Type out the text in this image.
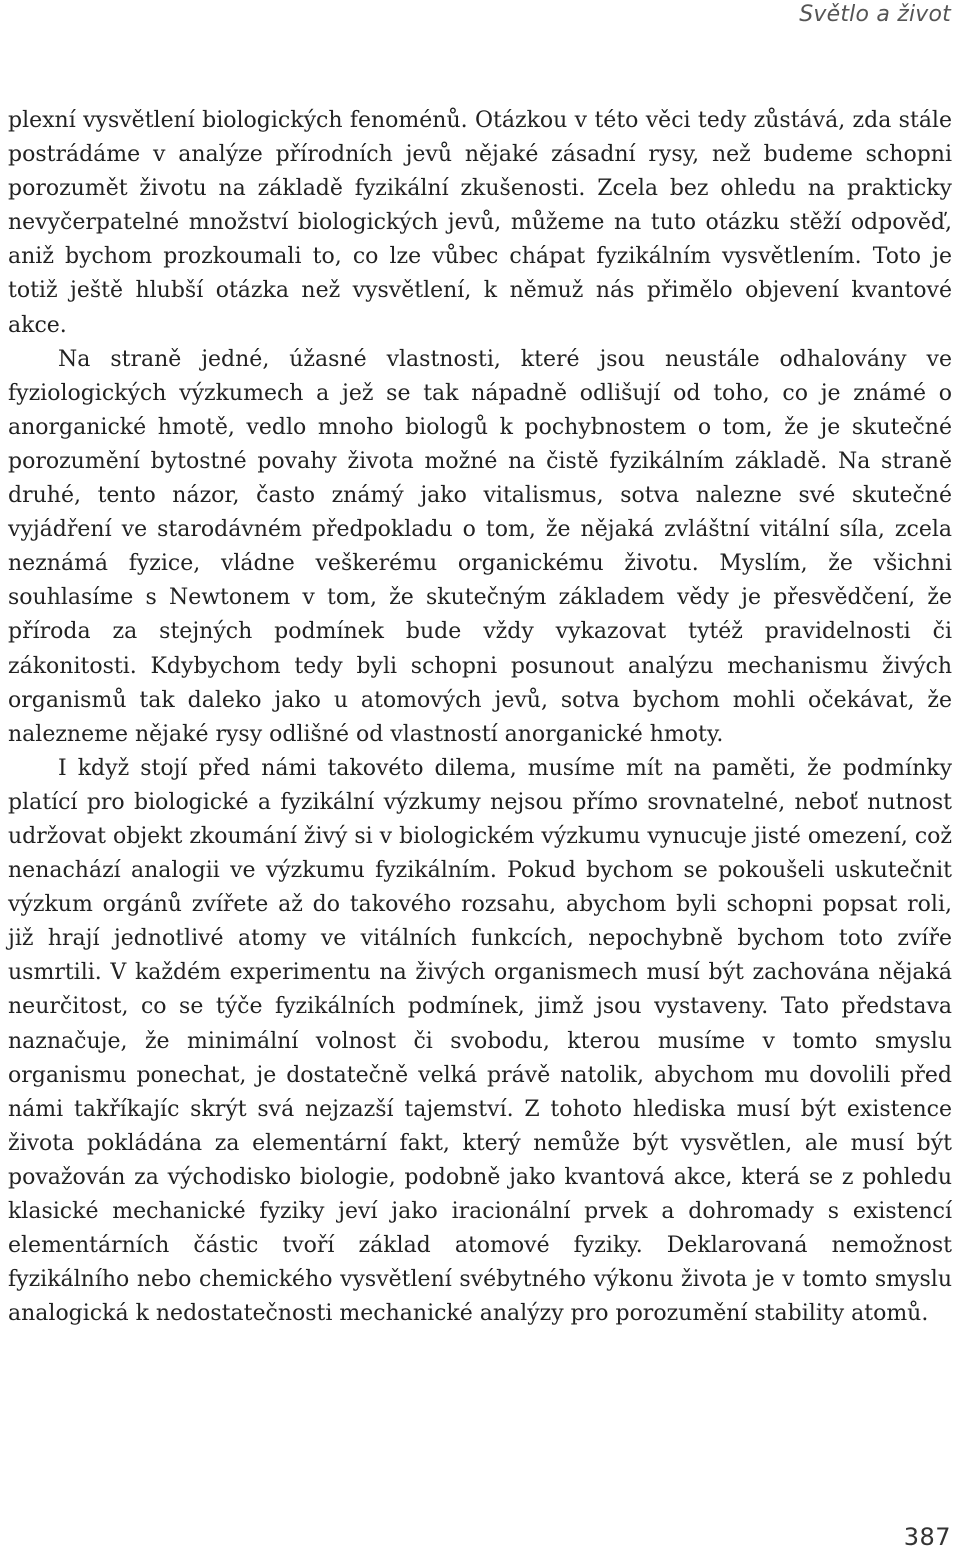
Světlo a život

plexní vysvětlení biologických fenoménů. Otázkou v této věci tedy zůstává, zda stále postrádáme v analýze přírodních jevů nějaké zásadní rysy, než budeme schopni porozumět životu na základě fyzikální zkušenosti. Zcela bez ohledu na prakticky nevyčerpatelné množství biologických jevů, můžeme na tuto otázku stěží odpověď, aniž bychom prozkoumali to, co lze vůbec chápat fyzikálním vysvětlením. Toto je totiž ještě hlubší otázka než vysvětlení, k němuž nás přimělo objevení kvantové akce.

Na straně jedné, úžasné vlastnosti, které jsou neustále odhalovány ve fyziologických výzkumech a jež se tak nápadně odlišují od toho, co je známé o anorganické hmotě, vedlo mnoho biologů k pochybnostem o tom, že je skutečné porozumění bytostné povahy života možné na čistě fyzikálním základě. Na straně druhé, tento názor, často známý jako vitalismus, sotva nalezne své skutečné vyjádření ve starodávném předpokladu o tom, že nějaká zvláštní vitální síla, zcela neznámá fyzice, vládne veškerému organickému životu. Myslím, že všichni souhlasíme s Newtonem v tom, že skutečným základem vědy je přesvědčení, že příroda za stejných podmínek bude vždy vykazovat tytéž pravidelnosti či zákonitosti. Kdybychom tedy byli schopni posunout analýzu mechanismu živých organismů tak daleko jako u atomových jevů, sotva bychom mohli očekávat, že nalezneme nějaké rysy odlišné od vlastností anorganické hmoty.

I když stojí před námi takovéto dilema, musíme mít na paměti, že podmínky platící pro biologické a fyzikální výzkumy nejsou přímo srovnatelné, neboť nutnost udržovat objekt zkoumání živý si v biologickém výzkumu vynucuje jisté omezení, což nenachází analogii ve výzkumu fyzikálním. Pokud bychom se pokoušeli uskutečnit výzkum orgánů zvířete až do takového rozsahu, abychom byli schopni popsat roli, již hrají jednotlivé atomy ve vitálních funkcích, nepochybně bychom toto zvíře usmrtili. V každém experimentu na živých organismech musí být zachována nějaká neurčitost, co se týče fyzikálních podmínek, jimž jsou vystaveny. Tato představa naznačuje, že minimální volnost či svobodu, kterou musíme v tomto smyslu organismu ponechat, je dostatečně velká právě natolik, abychom mu dovolili před námi takříkajíc skrýt svá nejzazší tajemství. Z tohoto hlediska musí být existence života pokládána za elementární fakt, který nemůže být vysvětlen, ale musí být považován za východisko biologie, podobně jako kvantová akce, která se z pohledu klasické mechanické fyziky jeví jako iracionální prvek a dohromady s existencí elementárních částic tvoří základ atomové fyziky. Deklarovaná nemožnost fyzikálního nebo chemického vysvětlení svébytného výkonu života je v tomto smyslu analogická k nedostatečnosti mechanické analýzy pro porozumění stability atomů.

387
